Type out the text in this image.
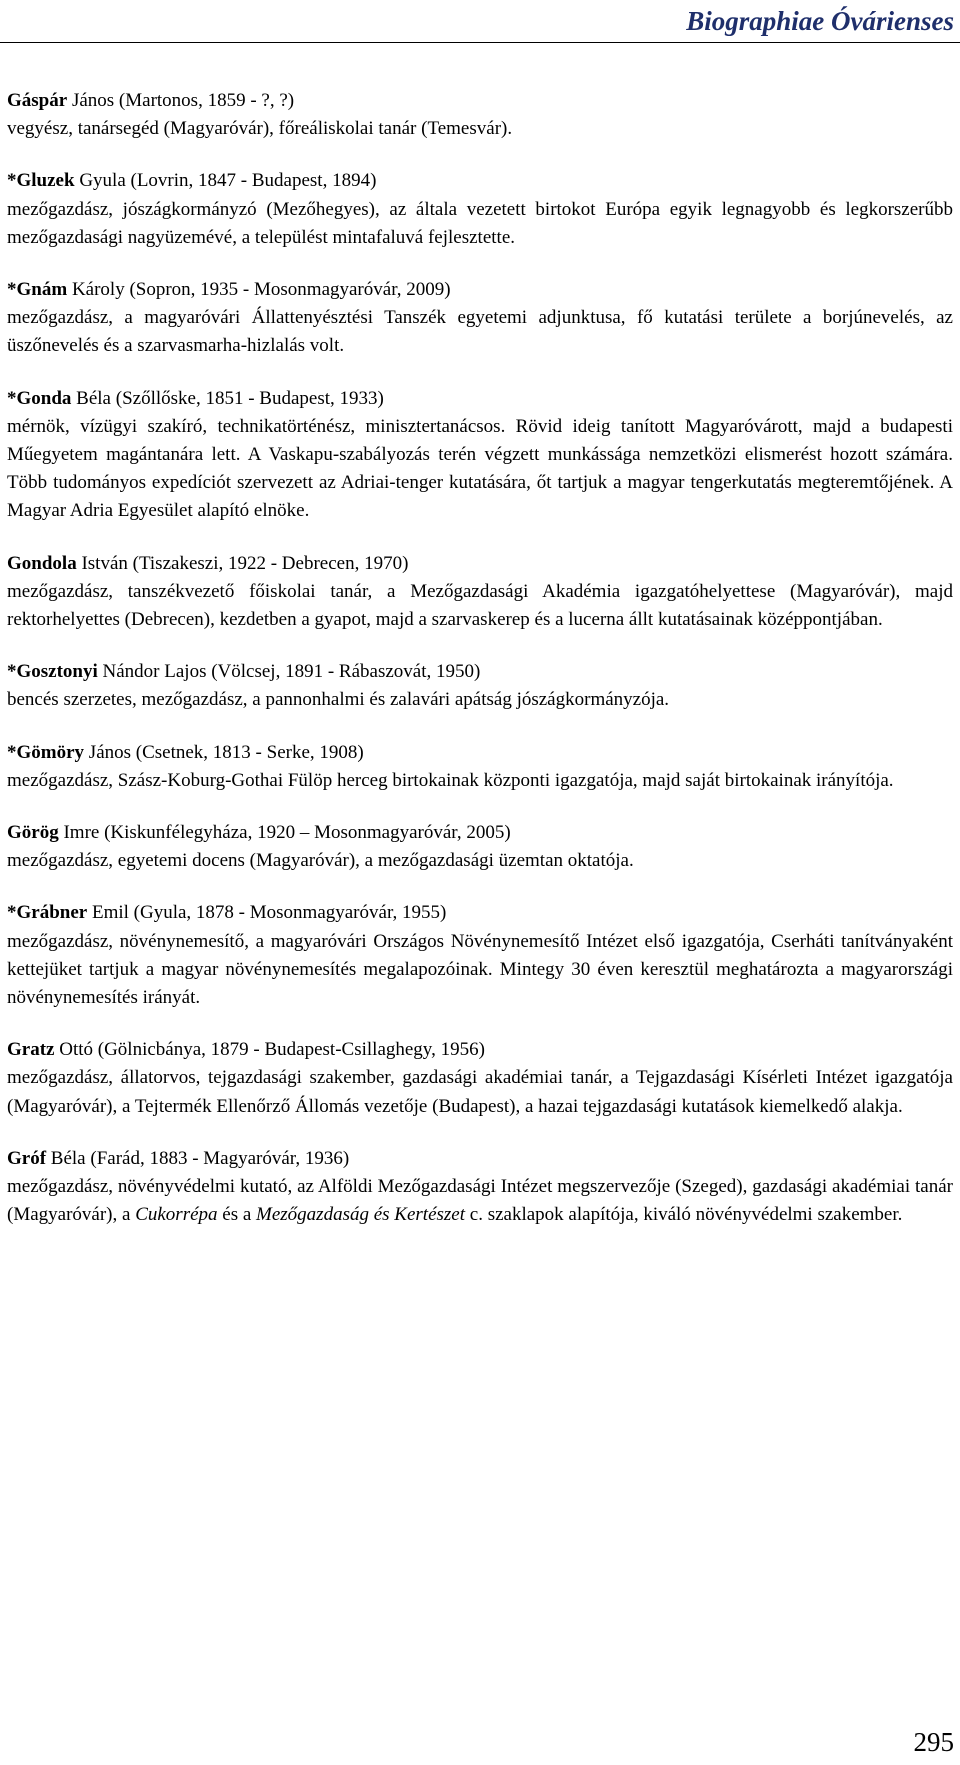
Biographiae Óvárienses

Gáspár János (Martonos, 1859 - ?, ?)

vegyész, tanársegéd (Magyaróvár), főreáliskolai tanár (Temesvár).

*Gluzek Gyula (Lovrin, 1847 - Budapest, 1894)

mezőgazdász, jószágkormányzó (Mezőhegyes), az általa vezetett birtokot Európa egyik legnagyobb és legkorszerűbb mezőgazdasági nagyüzemévé, a települést mintafaluvá fejlesztette.

*Gnám Károly (Sopron, 1935 - Mosonmagyaróvár, 2009)

mezőgazdász, a magyaróvári Állattenyésztési Tanszék egyetemi adjunktusa, fő kutatási területe a borjúnevelés, az üszőnevelés és a szarvasmarha-hizlalás volt.

*Gonda Béla (Szőllőske, 1851 - Budapest, 1933)

mérnök, vízügyi szakíró, technikatörténész, minisztertanácsos. Rövid ideig tanított Magyaróvárott, majd a budapesti Műegyetem magántanára lett. A Vaskapu-szabályozás terén végzett munkássága nemzetközi elismerést hozott számára. Több tudományos expedíciót szervezett az Adriai-tenger kutatására, őt tartjuk a magyar tengerkutatás megteremtőjének. A Magyar Adria Egyesület alapító elnöke.

Gondola István (Tiszakeszi, 1922 - Debrecen, 1970)

mezőgazdász, tanszékvezető főiskolai tanár, a Mezőgazdasági Akadémia igazgatóhelyettese (Magyaróvár), majd rektorhelyettes (Debrecen), kezdetben a gyapot, majd a szarvaskerep és a lucerna állt kutatásainak középpontjában.

*Gosztonyi Nándor Lajos (Völcsej, 1891 - Rábaszovát, 1950)

bencés szerzetes, mezőgazdász, a pannonhalmi és zalavári apátság jószágkormányzója.

*Gömöry János (Csetnek, 1813 - Serke, 1908)

mezőgazdász, Szász-Koburg-Gothai Fülöp herceg birtokainak központi igazgatója, majd saját birtokainak irányítója.

Görög Imre (Kiskunfélegyháza, 1920 – Mosonmagyaróvár, 2005)

mezőgazdász, egyetemi docens (Magyaróvár), a mezőgazdasági üzemtan oktatója.

*Grábner Emil (Gyula, 1878 - Mosonmagyaróvár, 1955)

mezőgazdász, növénynemesítő, a magyaróvári Országos Növénynemesítő Intézet első igazgatója, Cserháti tanítványaként kettejüket tartjuk a magyar növénynemesítés megalapozóinak. Mintegy 30 éven keresztül meghatározta a magyarországi növénynemesítés irányát.

Gratz Ottó (Gölnicbánya, 1879 - Budapest-Csillaghegy, 1956)

mezőgazdász, állatorvos, tejgazdasági szakember, gazdasági akadémiai tanár, a Tejgazdasági Kísérleti Intézet igazgatója (Magyaróvár), a Tejtermék Ellenőrző Állomás vezetője (Budapest), a hazai tejgazdasági kutatások kiemelkedő alakja.

Gróf Béla (Farád, 1883 - Magyaróvár, 1936)

mezőgazdász, növényvédelmi kutató, az Alföldi Mezőgazdasági Intézet megszervezője (Szeged), gazdasági akadémiai tanár (Magyaróvár), a Cukorrépa és a Mezőgazdaság és Kertészet c. szaklapok alapítója, kiváló növényvédelmi szakember.

295
